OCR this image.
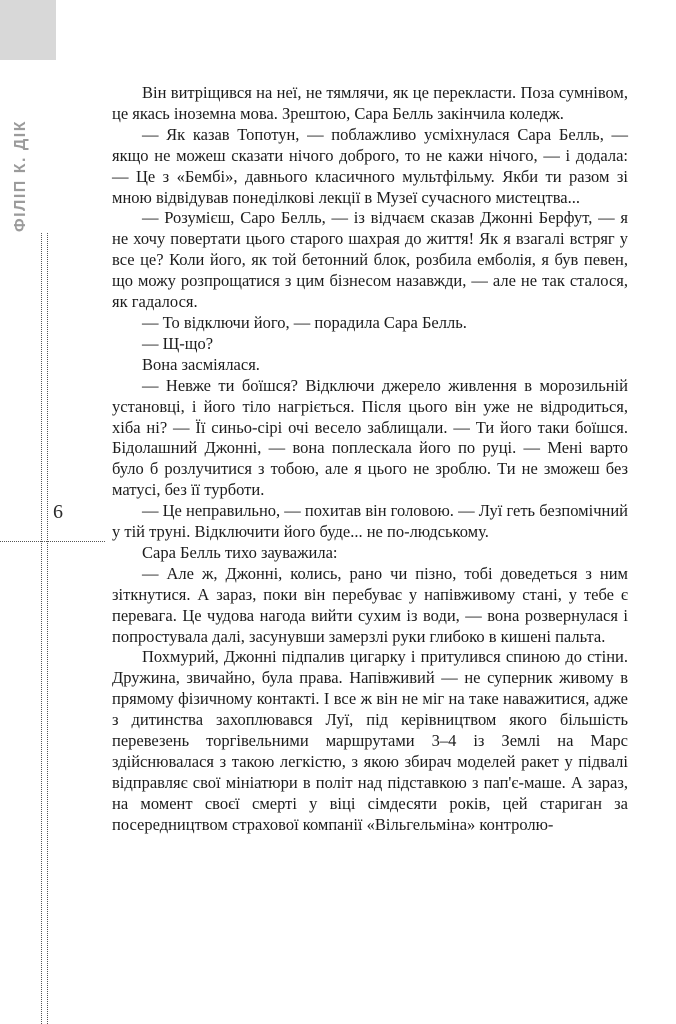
ФІЛІП К. ДІК
6

Він витріщився на неї, не тямлячи, як це перекласти. Поза сумнівом, це якась іноземна мова. Зрештою, Сара Белль закінчила коледж.

— Як казав Топотун, — поблажливо усміхнулася Сара Белль, — якщо не можеш сказати нічого доброго, то не кажи нічого, — і додала: — Це з «Бембі», давнього класичного мультфільму. Якби ти разом зі мною відвідував понеділкові лекції в Музеї сучасного мистецтва...

— Розумієш, Саро Белль, — із відчаєм сказав Джонні Берфут, — я не хочу повертати цього старого шахрая до життя! Як я взагалі встряг у все це? Коли його, як той бетонний блок, розбила емболія, я був певен, що можу розпрощатися з цим бізнесом назавжди, — але не так сталося, як гадалося.

— То відключи його, — порадила Сара Белль.

— Щ-що?

Вона засміялася.

— Невже ти боїшся? Відключи джерело живлення в морозильній установці, і його тіло нагріється. Після цього він уже не відродиться, хіба ні? — Її синьо-сірі очі весело заблищали. — Ти його таки боїшся. Бідолашний Джонні, — вона поплескала його по руці. — Мені варто було б розлучитися з тобою, але я цього не зроблю. Ти не зможеш без матусі, без її турботи.

— Це неправильно, — похитав він головою. — Луї геть безпомічний у тій труні. Відключити його буде... не по-людському.

Сара Белль тихо зауважила:

— Але ж, Джонні, колись, рано чи пізно, тобі доведеться з ним зіткнутися. А зараз, поки він перебуває у напівживому стані, у тебе є перевага. Це чудова нагода вийти сухим із води, — вона розвернулася і попростувала далі, засунувши замерзлі руки глибоко в кишені пальта.

Похмурий, Джонні підпалив цигарку і притулився спиною до стіни. Дружина, звичайно, була права. Напівживий — не суперник живому в прямому фізичному контакті. І все ж він не міг на таке наважитися, адже з дитинства захоплювався Луї, під керівництвом якого більшість перевезень торгівельними маршрутами 3–4 із Землі на Марс здійснювалася з такою легкістю, з якою збирач моделей ракет у підвалі відправляє свої мініатюри в політ над підставкою з пап'є-маше. А зараз, на момент своєї смерті у віці сімдесяти років, цей стариган за посередництвом страхової компанії «Вільгельміна» контролю-
